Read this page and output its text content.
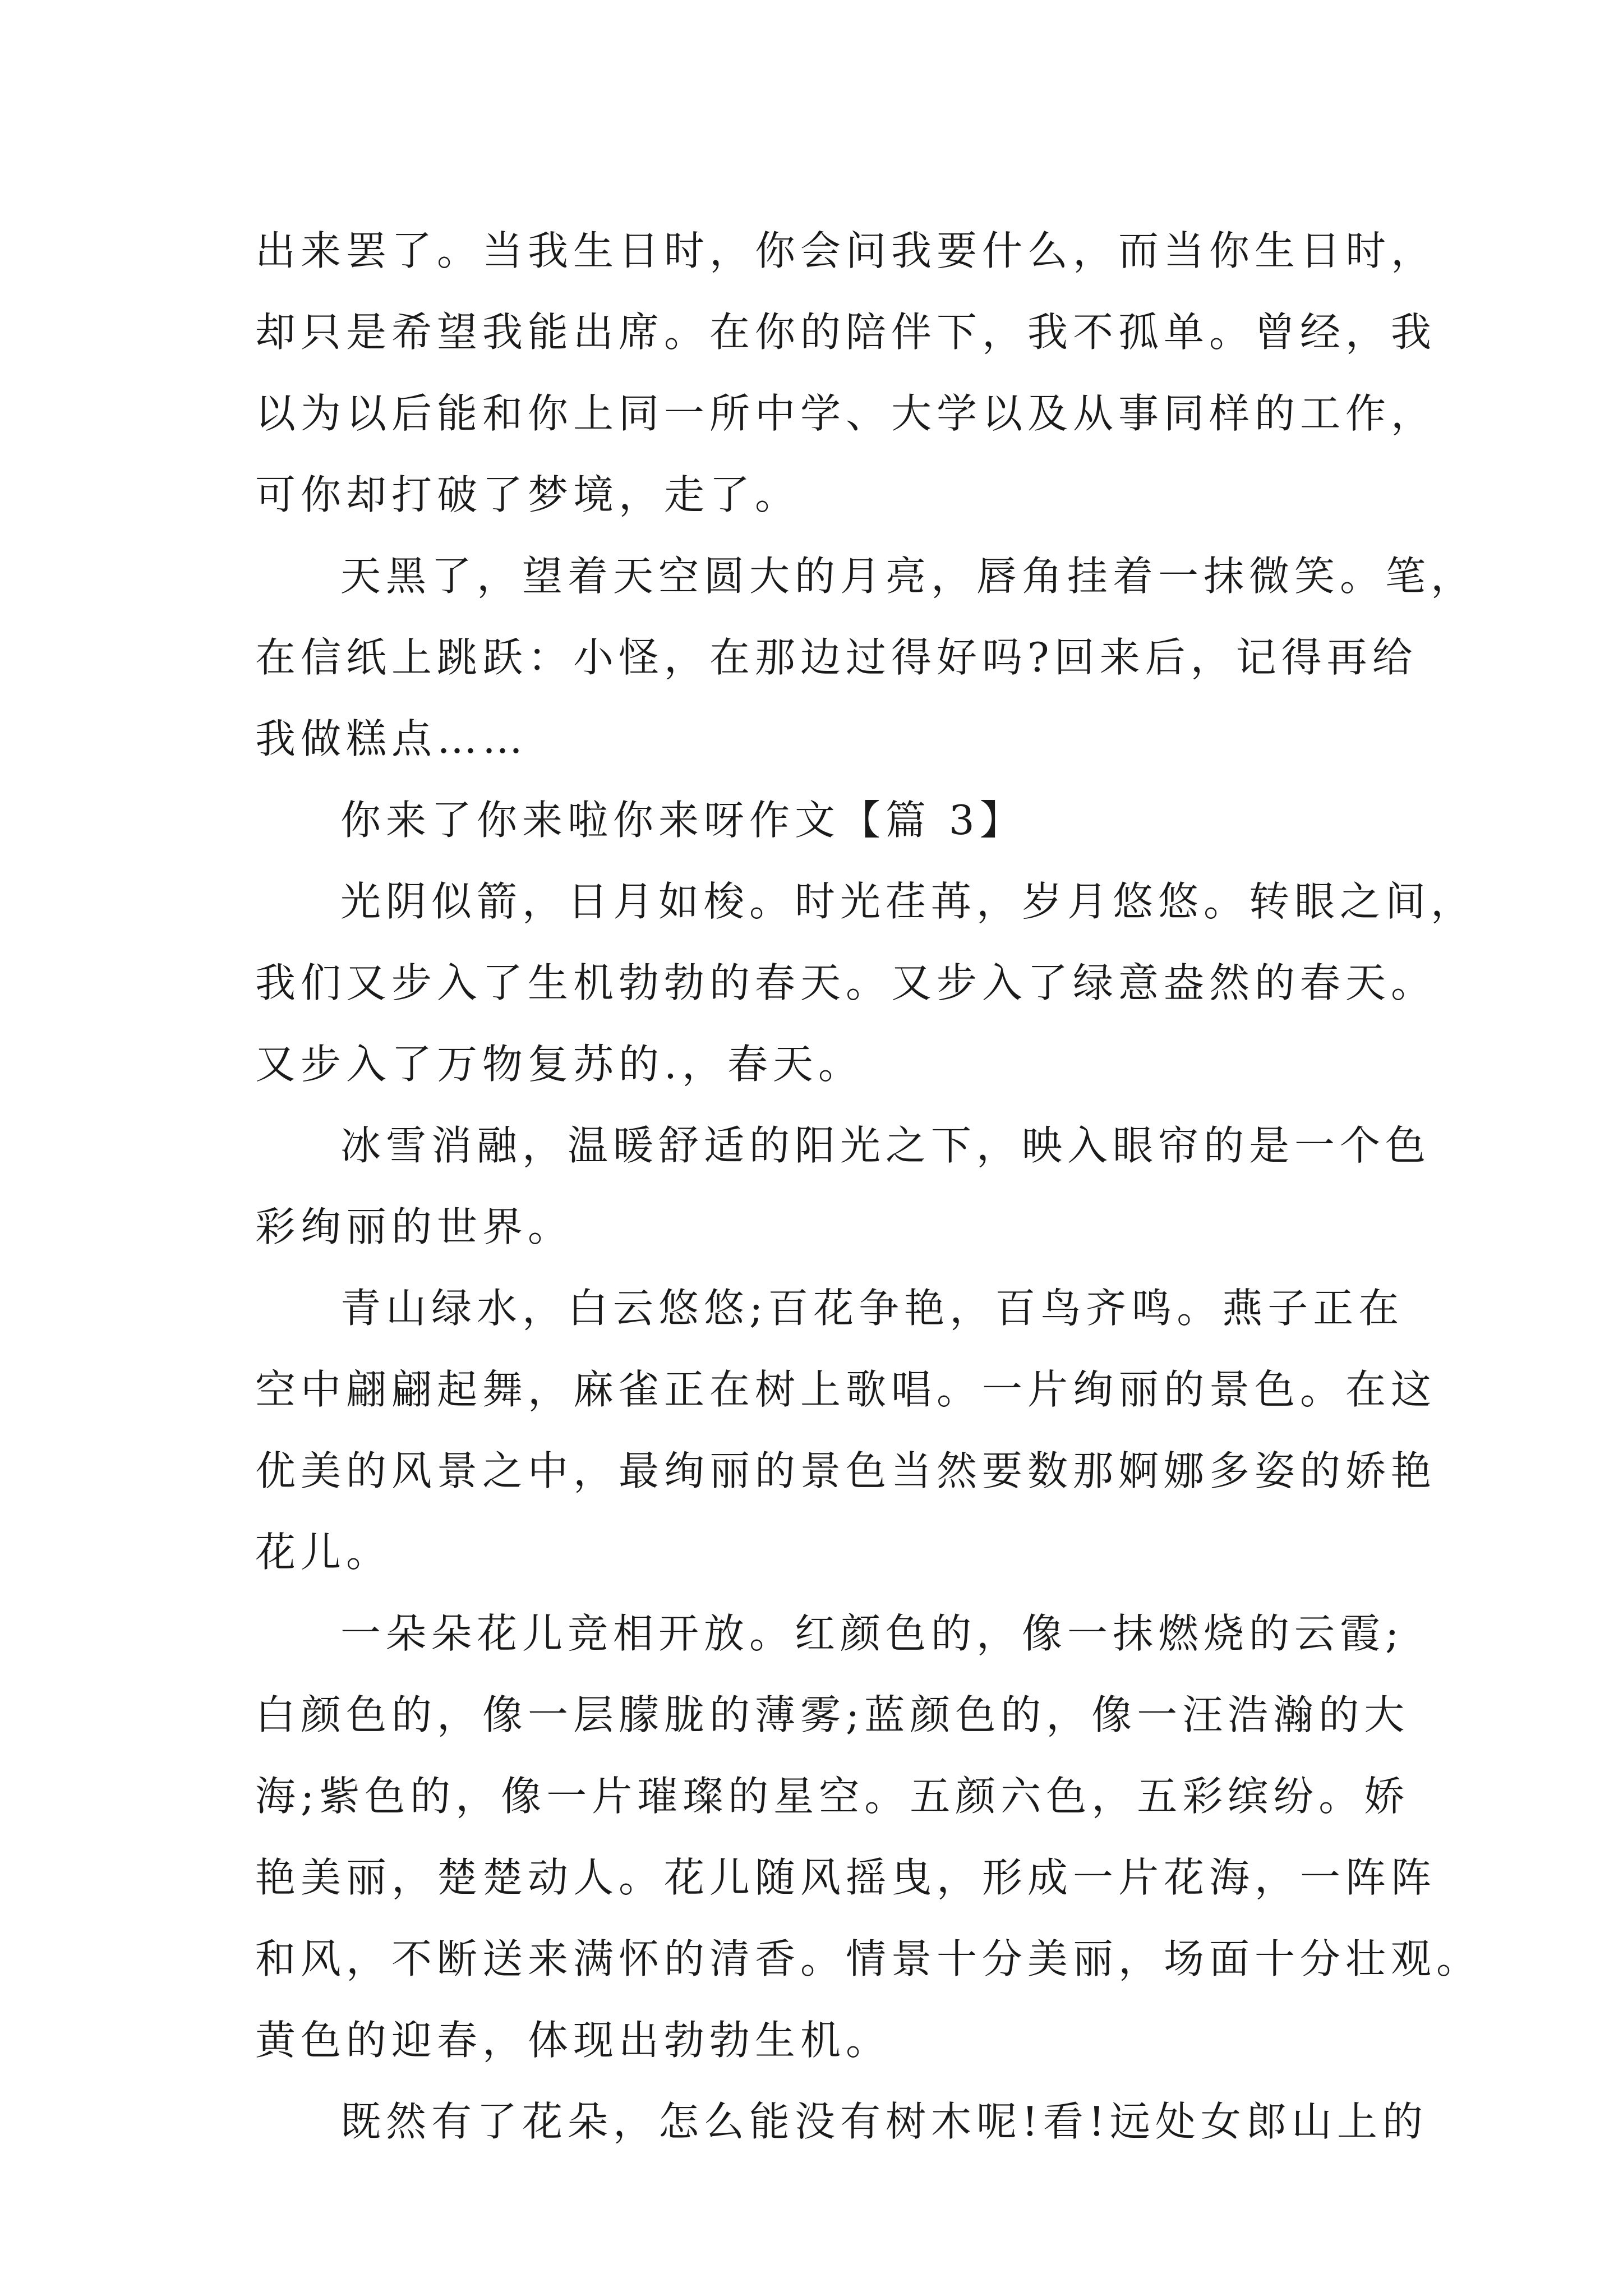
出来罢了。当我生日时，你会问我要什么，而当你生日时，
却只是希望我能出席。在你的陪伴下，我不孤单。曾经，我
以为以后能和你上同一所中学、大学以及从事同样的工作，
可你却打破了梦境，走了。
天黑了，望着天空圆大的月亮，唇角挂着一抹微笑。笔，
在信纸上跳跃：小怪，在那边过得好吗?回来后，记得再给
我做糕点……
你来了你来啦你来呀作文【篇 3】
光阴似箭，日月如梭。时光荏苒，岁月悠悠。转眼之间，
我们又步入了生机勃勃的春天。又步入了绿意盎然的春天。
又步入了万物复苏的.，春天。
冰雪消融，温暖舒适的阳光之下，映入眼帘的是一个色
彩绚丽的世界。
青山绿水，白云悠悠;百花争艳，百鸟齐鸣。燕子正在
空中翩翩起舞，麻雀正在树上歌唱。一片绚丽的景色。在这
优美的风景之中，最绚丽的景色当然要数那婀娜多姿的娇艳
花儿。
一朵朵花儿竞相开放。红颜色的，像一抹燃烧的云霞;
白颜色的，像一层朦胧的薄雾;蓝颜色的，像一汪浩瀚的大
海;紫色的，像一片璀璨的星空。五颜六色，五彩缤纷。娇
艳美丽，楚楚动人。花儿随风摇曳，形成一片花海，一阵阵
和风，不断送来满怀的清香。情景十分美丽，场面十分壮观。
黄色的迎春，体现出勃勃生机。
既然有了花朵，怎么能没有树木呢!看!远处女郎山上的
